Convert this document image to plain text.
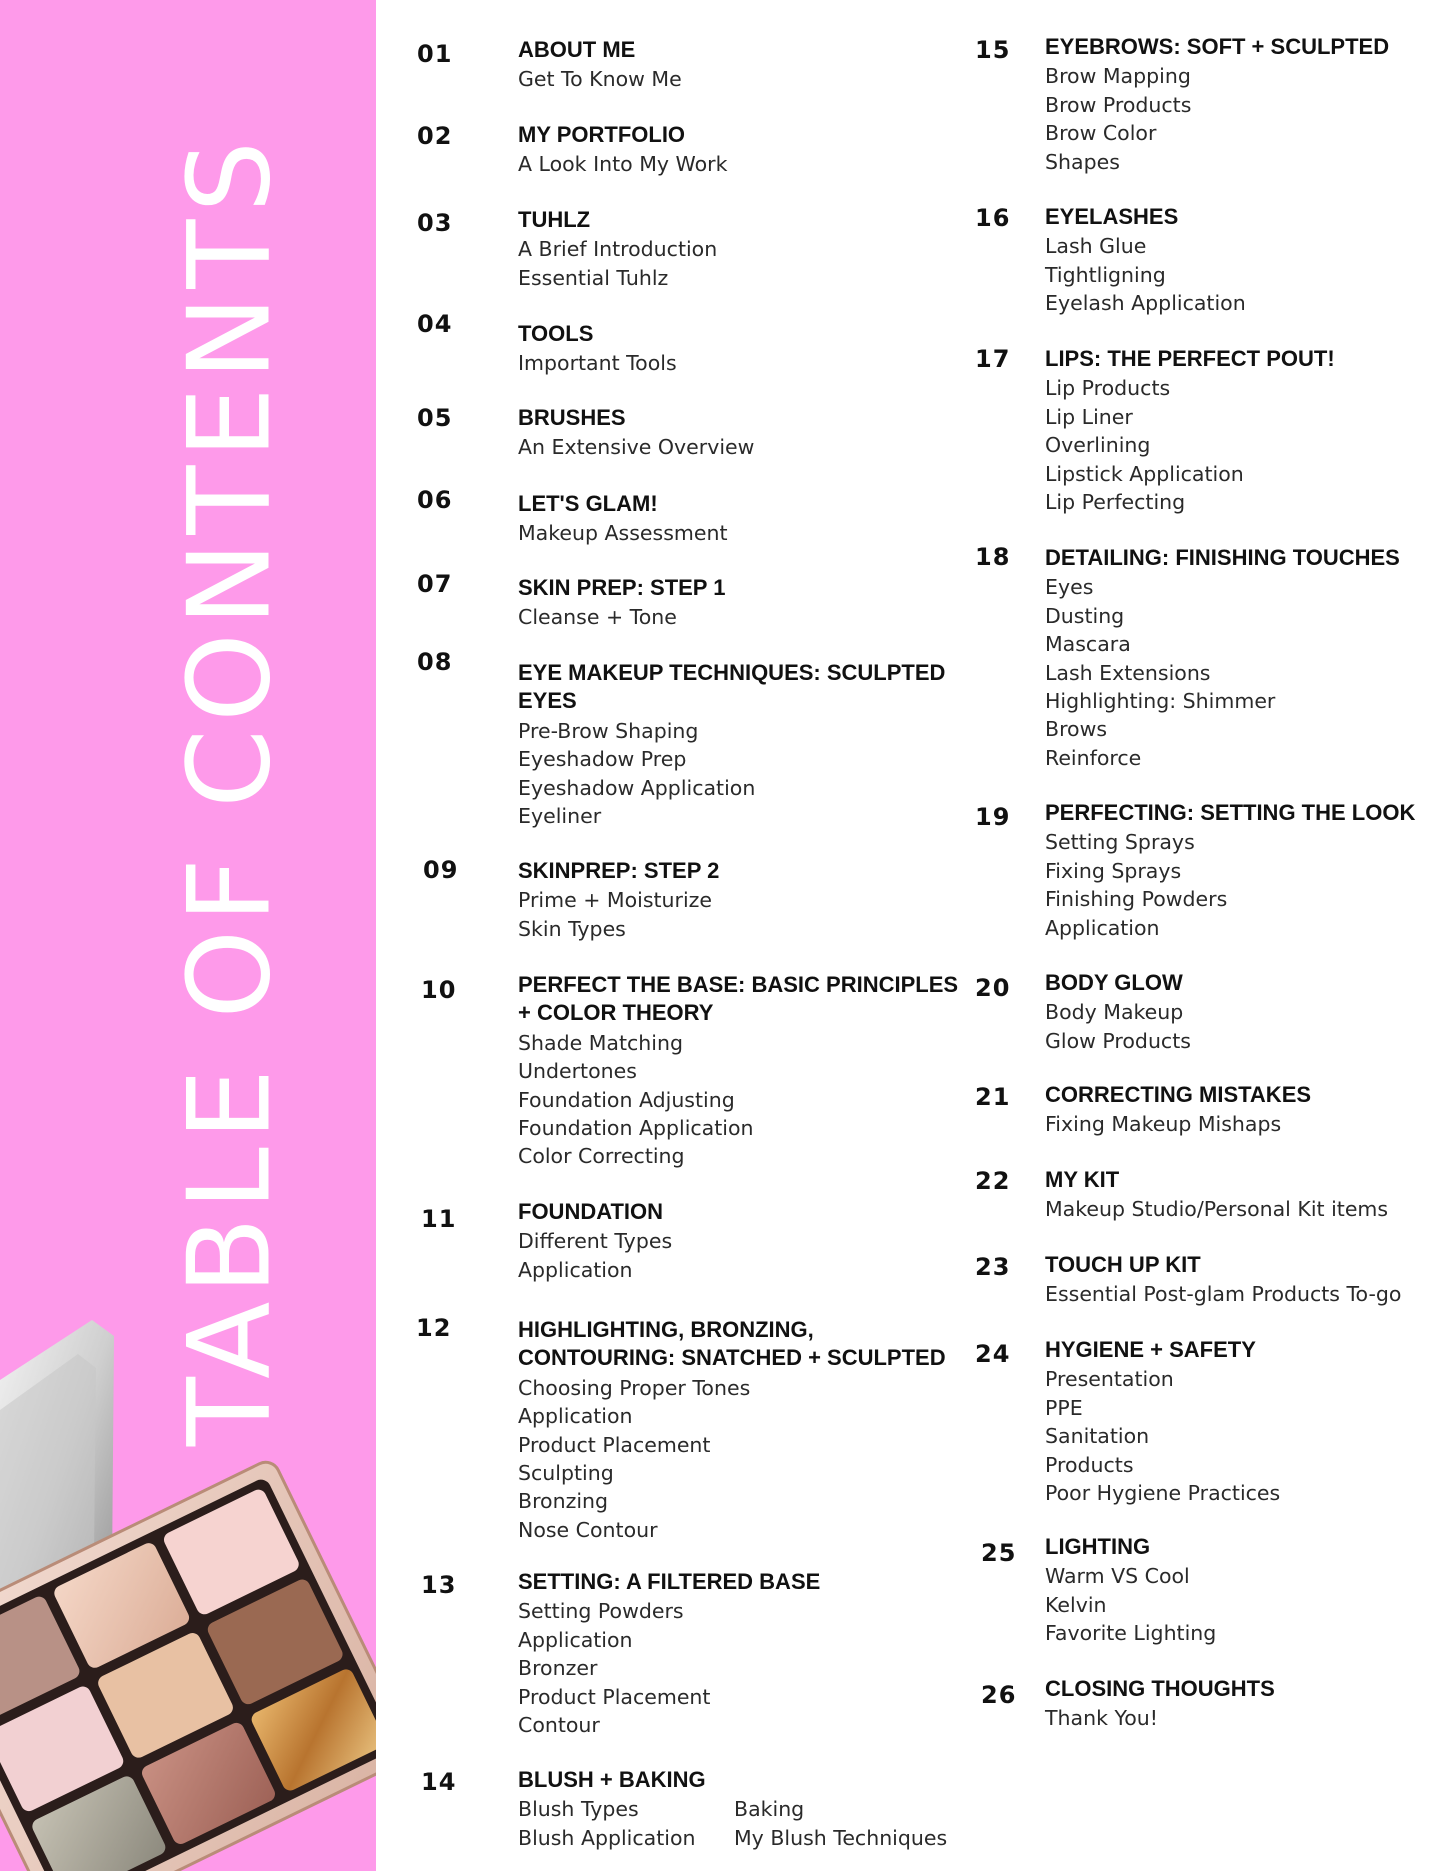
TABLE OF CONTENTS
01	ABOUT ME
Get To Know Me
02	MY PORTFOLIO
A Look Into My Work
03	TUHLZ
A Brief Introduction
Essential Tuhlz
04	TOOLS
Important Tools
05	BRUSHES
An Extensive Overview
06	LET'S GLAM!
Makeup Assessment
07	SKIN PREP: STEP 1
Cleanse + Tone
08	EYE MAKEUP TECHNIQUES: SCULPTED EYES
Pre-Brow Shaping
Eyeshadow Prep
Eyeshadow Application
Eyeliner
09	SKINPREP: STEP 2
Prime + Moisturize
Skin Types
10	PERFECT THE BASE: BASIC PRINCIPLES + COLOR THEORY
Shade Matching
Undertones
Foundation Adjusting
Foundation Application
Color Correcting
11	FOUNDATION
Different Types
Application
12	HIGHLIGHTING, BRONZING, CONTOURING: SNATCHED + SCULPTED
Choosing Proper Tones
Application
Product Placement
Sculpting
Bronzing
Nose Contour
13	SETTING: A FILTERED BASE
Setting Powders
Application
Bronzer
Product Placement
Contour
14	BLUSH + BAKING
Blush Types
Blush Application
Baking
My Blush Techniques
15 EYEBROWS: SOFT + SCULPTED
Brow Mapping
Brow Products
Brow Color
Shapes
16 EYELASHES
Lash Glue
Tightligning
Eyelash Application
17 LIPS: THE PERFECT POUT!
Lip Products
Lip Liner
Overlining
Lipstick Application
Lip Perfecting
18 DETAILING: FINISHING TOUCHES
Eyes
Dusting
Mascara
Lash Extensions
Highlighting: Shimmer
Brows
Reinforce
19 PERFECTING: SETTING THE LOOK
Setting Sprays
Fixing Sprays
Finishing Powders
Application
20 BODY GLOW
Body Makeup
Glow Products
21 CORRECTING MISTAKES
Fixing Makeup Mishaps
22 MY KIT
Makeup Studio/Personal Kit items
23 TOUCH UP KIT
Essential Post-glam Products To-go
24 HYGIENE + SAFETY
Presentation
PPE
Sanitation
Products
Poor Hygiene Practices
25 LIGHTING
Warm VS Cool
Kelvin
Favorite Lighting
26 CLOSING THOUGHTS
Thank You!
